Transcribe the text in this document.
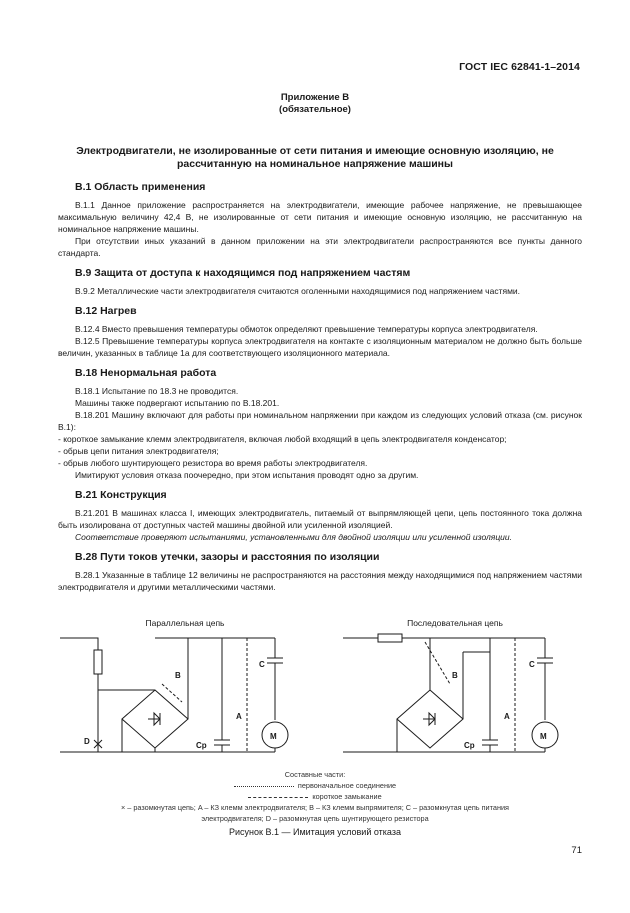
ГОСТ IEC 62841-1–2014
Приложение В
(обязательное)
Электродвигатели, не изолированные от сети питания и имеющие основную изоляцию, не рассчитанную на номинальное напряжение машины
В.1 Область применения

В.1.1 Данное приложение распространяется на электродвигатели, имеющие рабочее напряжение, не превышающее максимальную величину 42,4 В, не изолированные от сети питания и имеющие основную изоляцию, не рассчитанную на номинальное напряжение машины.

При отсутствии иных указаний в данном приложении на эти электродвигатели распространяются все пункты данного стандарта.

В.9 Защита от доступа к находящимся под напряжением частям

В.9.2 Металлические части электродвигателя считаются оголенными находящимися под напряжением частями.

В.12 Нагрев

В.12.4 Вместо превышения температуры обмоток определяют превышение температуры корпуса электродвигателя.

В.12.5 Превышение температуры корпуса электродвигателя на контакте с изоляционным материалом не должно быть больше величин, указанных в таблице 1а для соответствующего изоляционного материала.

В.18 Ненормальная работа

В.18.1 Испытание по 18.3 не проводится.

Машины также подвергают испытанию по В.18.201.

В.18.201 Машину включают для работы при номинальном напряжении при каждом из следующих условий отказа (см. рисунок В.1):

- короткое замыкание клемм электродвигателя, включая любой входящий в цепь электродвигателя конденсатор;

- обрыв цепи питания электродвигателя;

- обрыв любого шунтирующего резистора во время работы электродвигателя.

Имитируют условия отказа поочередно, при этом испытания проводят одно за другим.

В.21 Конструкция

В.21.201 В машинах класса I, имеющих электродвигатель, питаемый от выпрямляющей цепи, цепь постоянного тока должна быть изолирована от доступных частей машины двойной или усиленной изоляцией.

Соответствие проверяют испытаниями, установленными для двойной изоляции или усиленной изоляции.

В.28 Пути токов утечки, зазоры и расстояния по изоляции

В.28.1 Указанные в таблице 12 величины не распространяются на расстояния между находящимися под напряжением частями электродвигателя и другими металлическими частями.

Параллельная цепь	Последовательная цепь
B
C
A
D	Cp
M
B
C
A
Cp
M
Составные части:
первоначальное соединение
короткое замыкание
× – разомкнутая цепь; A – КЗ клемм электродвигателя; B – КЗ клемм выпрямителя; C – разомкнутая цепь питания
электродвигателя; D – разомкнутая цепь шунтирующего резистора
Рисунок В.1 — Имитация условий отказа
71
